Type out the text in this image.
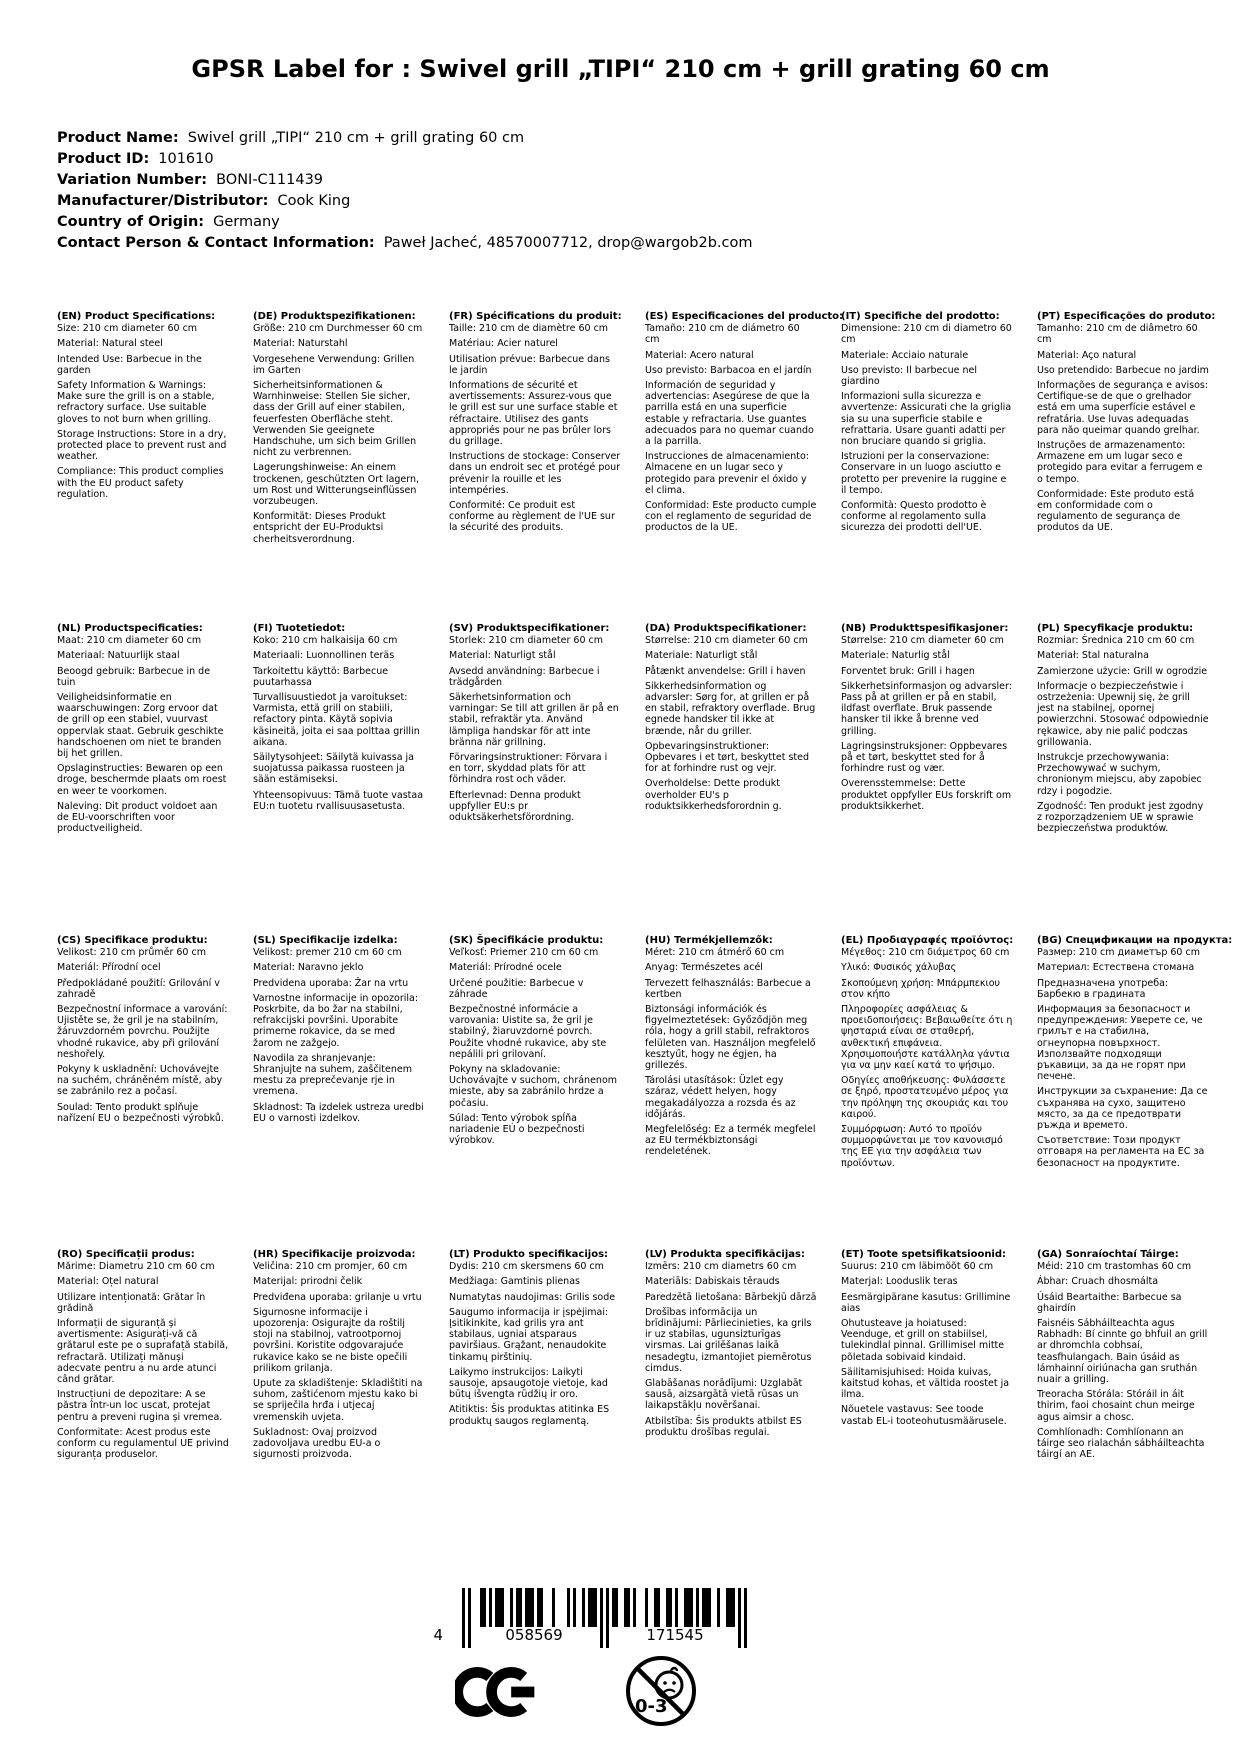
GPSR Label for : Swivel grill „TIPI“ 210 cm + grill grating 60 cm
Product Name: Swivel grill „TIPI“ 210 cm + grill grating 60 cm
Product ID: 101610
Variation Number: BONI-C111439
Manufacturer/Distributor: Cook King
Country of Origin: Germany
Contact Person & Contact Information: Paweł Jacheć, 48570007712, drop@wargob2b.com
(EN) Product Specifications:

Size: 210 cm diameter 60 cm

Material: Natural steel

Intended Use: Barbecue in the garden

Safety Information & Warnings: Make sure the grill is on a stable, refractory surface. Use suitable gloves to not burn when grilling.

Storage Instructions: Store in a dry, protected place to prevent rust and weather.

Compliance: This product complies with the EU product safety regulation.

(DE) Produktspezifikationen:

Größe: 210 cm Durchmesser 60 cm

Material: Naturstahl

Vorgesehene Verwendung: Grillen im Garten

Sicherheitsinformationen & Warnhinweise: Stellen Sie sicher, dass der Grill auf einer stabilen, feuerfesten Oberfläche steht. Verwenden Sie geeignete Handschuhe, um sich beim Grillen nicht zu verbrennen.

Lagerungshinweise: An einem trockenen, geschützten Ort lagern, um Rost und Witterungseinflüssen vorzubeugen.

Konformität: Dieses Produkt entspricht der EU-Produktsi cherheitsverordnung.

(FR) Spécifications du produit:

Taille: 210 cm de diamètre 60 cm

Matériau: Acier naturel

Utilisation prévue: Barbecue dans le jardin

Informations de sécurité et avertissements: Assurez-vous que le grill est sur une surface stable et réfractaire. Utilisez des gants appropriés pour ne pas brûler lors du grillage.

Instructions de stockage: Conserver dans un endroit sec et protégé pour prévenir la rouille et les intempéries.

Conformité: Ce produit est conforme au règlement de l'UE sur la sécurité des produits.

(ES) Especificaciones del producto:

Tamaño: 210 cm de diámetro 60 cm

Material: Acero natural

Uso previsto: Barbacoa en el jardín

Información de seguridad y advertencias: Asegúrese de que la parrilla está en una superficie estable y refractaria. Use guantes adecuados para no quemar cuando a la parrilla.

Instrucciones de almacenamiento: Almacene en un lugar seco y protegido para prevenir el óxido y el clima.

Conformidad: Este producto cumple con el reglamento de seguridad de productos de la UE.

(IT) Specifiche del prodotto:

Dimensione: 210 cm di diametro 60 cm

Materiale: Acciaio naturale

Uso previsto: Il barbecue nel giardino

Informazioni sulla sicurezza e avvertenze: Assicurati che la griglia sia su una superficie stabile e refrattaria. Usare guanti adatti per non bruciare quando si griglia.

Istruzioni per la conservazione: Conservare in un luogo asciutto e protetto per prevenire la ruggine e il tempo.

Conformità: Questo prodotto è conforme al regolamento sulla sicurezza dei prodotti dell'UE.

(PT) Especificações do produto:

Tamanho: 210 cm de diâmetro 60 cm

Material: Aço natural

Uso pretendido: Barbecue no jardim

Informações de segurança e avisos: Certifique-se de que o grelhador está em uma superfície estável e refratária. Use luvas adequadas para não queimar quando grelhar.

Instruções de armazenamento: Armazene em um lugar seco e protegido para evitar a ferrugem e o tempo.

Conformidade: Este produto está em conformidade com o regulamento de segurança de produtos da UE.

(NL) Productspecificaties:

Maat: 210 cm diameter 60 cm

Materiaal: Natuurlijk staal

Beoogd gebruik: Barbecue in de tuin

Veiligheidsinformatie en waarschuwingen: Zorg ervoor dat de grill op een stabiel, vuurvast oppervlak staat. Gebruik geschikte handschoenen om niet te branden bij het grillen.

Opslaginstructies: Bewaren op een droge, beschermde plaats om roest en weer te voorkomen.

Naleving: Dit product voldoet aan de EU-voorschriften voor productveiligheid.

(FI) Tuotetiedot:

Koko: 210 cm halkaisija 60 cm

Materiaali: Luonnollinen teräs

Tarkoitettu käyttö: Barbecue puutarhassa

Turvallisuustiedot ja varoitukset: Varmista, että grill on stabiili, refactory pinta. Käytä sopivia käsineitä, joita ei saa polttaa grillin aikana.

Säilytysohjeet: Säilytä kuivassa ja suojatussa paikassa ruosteen ja sään estämiseksi.

Yhteensopivuus: Tämä tuote vastaa EU:n tuotetu rvallisuusasetusta.

(SV) Produktspecifikationer:

Storlek: 210 cm diameter 60 cm

Material: Naturligt stål

Avsedd användning: Barbecue i trädgården

Säkerhetsinformation och varningar: Se till att grillen är på en stabil, refraktär yta. Använd lämpliga handskar för att inte bränna när grillning.

Förvaringsinstruktioner: Förvara i en torr, skyddad plats för att förhindra rost och väder.

Efterlevnad: Denna produkt uppfyller EU:s pr oduktsäkerhetsförordning.

(DA) Produktspecifikationer:

Størrelse: 210 cm diameter 60 cm

Materiale: Naturligt stål

Påtænkt anvendelse: Grill i haven

Sikkerhedsinformation og advarsler: Sørg for, at grillen er på en stabil, refraktory overflade. Brug egnede handsker til ikke at brænde, når du griller.

Opbevaringsinstruktioner: Opbevares i et tørt, beskyttet sted for at forhindre rust og vejr.

Overholdelse: Dette produkt overholder EU's p roduktsikkerhedsforordnin g.

(NB) Produkttspesifikasjoner:

Størrelse: 210 cm diameter 60 cm

Materiale: Naturlig stål

Forventet bruk: Grill i hagen

Sikkerhetsinformasjon og advarsler: Pass på at grillen er på en stabil, ildfast overflate. Bruk passende hansker til ikke å brenne ved grilling.

Lagringsinstruksjoner: Oppbevares på et tørt, beskyttet sted for å forhindre rust og vær.

Overensstemmelse: Dette produktet oppfyller EUs forskrift om produktsikkerhet.

(PL) Specyfikacje produktu:

Rozmiar: Średnica 210 cm 60 cm

Materiał: Stal naturalna

Zamierzone użycie: Grill w ogrodzie

Informacje o bezpieczeństwie i ostrzeżenia: Upewnij się, że grill jest na stabilnej, opornej powierzchni. Stosować odpowiednie rękawice, aby nie palić podczas grillowania.

Instrukcje przechowywania: Przechowywać w suchym, chronionym miejscu, aby zapobiec rdzy i pogodzie.

Zgodność: Ten produkt jest zgodny z rozporządzeniem UE w sprawie bezpieczeństwa produktów.

(CS) Specifikace produktu:

Velikost: 210 cm průměr 60 cm

Materiál: Přírodní ocel

Předpokládané použití: Grilování v zahradě

Bezpečnostní informace a varování: Ujistěte se, že gril je na stabilním, žáruvzdorném povrchu. Použijte vhodné rukavice, aby při grilování neshořely.

Pokyny k uskladnění: Uchovávejte na suchém, chráněném místě, aby se zabránilo rez a počasí.

Soulad: Tento produkt splňuje nařízení EU o bezpečnosti výrobků.

(SL) Specifikacije izdelka:

Velikost: premer 210 cm 60 cm

Material: Naravno jeklo

Predvidena uporaba: Žar na vrtu

Varnostne informacije in opozorila: Poskrbite, da bo žar na stabilni, refrakcijski površini. Uporabite primerne rokavice, da se med žarom ne zažgejo.

Navodila za shranjevanje: Shranjujte na suhem, zaščitenem mestu za preprečevanje rje in vremena.

Skladnost: Ta izdelek ustreza uredbi EU o varnosti izdelkov.

(SK) Špecifikácie produktu:

Veľkosť: Priemer 210 cm 60 cm

Materiál: Prírodné ocele

Určené použitie: Barbecue v záhrade

Bezpečnostné informácie a varovania: Uistite sa, že gril je stabilný, žiaruvzdorné povrch. Použite vhodné rukavice, aby ste nepálili pri grilovaní.

Pokyny na skladovanie: Uchovávajte v suchom, chránenom mieste, aby sa zabránilo hrdze a počasiu.

Súlad: Tento výrobok spĺňa nariadenie EÚ o bezpečnosti výrobkov.

(HU) Termékjellemzők:

Méret: 210 cm átmérő 60 cm

Anyag: Természetes acél

Tervezett felhasználás: Barbecue a kertben

Biztonsági információk és figyelmeztetések: Győződjön meg róla, hogy a grill stabil, refraktoros felületen van. Használjon megfelelő kesztyűt, hogy ne égjen, ha grillezés.

Tárolási utasítások: Üzlet egy száraz, védett helyen, hogy megakadályozza a rozsda és az időjárás.

Megfelelőség: Ez a termék megfelel az EU termékbiztonsági rendeletének.

(EL) Προδιαγραφές προϊόντος:

Μέγεθος: 210 cm διάμετρος 60 cm

Υλικό: Φυσικός χάλυβας

Σκοπούμενη χρήση: Μπάρμπεκιου στον κήπο

Πληροφορίες ασφάλειας & προειδοποιήσεις: Βεβαιωθείτε ότι η ψησταριά είναι σε σταθερή, ανθεκτική επιφάνεια. Χρησιμοποιήστε κατάλληλα γάντια για να μην καεί κατά το ψήσιμο.

Οδηγίες αποθήκευσης: Φυλάσσετε σε ξηρό, προστατευμένο μέρος για την πρόληψη της σκουριάς και του καιρού.

Συμμόρφωση: Αυτό το προϊόν συμμορφώνεται με τον κανονισμό της ΕΕ για την ασφάλεια των προϊόντων.

(BG) Спецификации на продукта:

Размер: 210 cm диаметър 60 cm

Материал: Естествена стомана

Предназначена употреба: Барбекю в градината

Информация за безопасност и предупреждения: Уверете се, че грилът е на стабилна, огнеупорна повърхност. Използвайте подходящи ръкавици, за да не горят при печене.

Инструкции за съхранение: Да се съхранява на сухо, защитено място, за да се предотврати ръжда и времето.

Съответствие: Този продукт отговаря на регламента на ЕС за безопасност на продуктите.

(RO) Specificații produs:

Mărime: Diametru 210 cm 60 cm

Material: Oțel natural

Utilizare intenționată: Grătar în grădină

Informații de siguranță și avertismente: Asigurați-vă că grătarul este pe o suprafață stabilă, refractară. Utilizați mănuși adecvate pentru a nu arde atunci când grătar.

Instrucțiuni de depozitare: A se păstra într-un loc uscat, protejat pentru a preveni rugina și vremea.

Conformitate: Acest produs este conform cu regulamentul UE privind siguranța produselor.

(HR) Specifikacije proizvoda:

Veličina: 210 cm promjer, 60 cm

Materijal: prirodni čelik

Predviđena uporaba: grilanje u vrtu

Sigurnosne informacije i upozorenja: Osigurajte da roštilj stoji na stabilnoj, vatrootpornoj površini. Koristite odgovarajuće rukavice kako se ne biste opečili prilikom grilanja.

Upute za skladištenje: Skladištiti na suhom, zaštićenom mjestu kako bi se spriječila hrđa i utjecaj vremenskih uvjeta.

Sukladnost: Ovaj proizvod zadovoljava uredbu EU-a o sigurnosti proizvoda.

(LT) Produkto specifikacijos:

Dydis: 210 cm skersmens 60 cm

Medžiaga: Gamtinis plienas

Numatytas naudojimas: Grilis sode

Saugumo informacija ir įspėjimai: Įsitikinkite, kad grilis yra ant stabilaus, ugniai atsparaus paviršiaus. Grąžant, nenaudokite tinkamų pirštinių.

Laikymo instrukcijos: Laikyti sausoje, apsaugotoje vietoje, kad būtų išvengta rūdžių ir oro.

Atitiktis: Šis produktas atitinka ES produktų saugos reglamentą.

(LV) Produkta specifikācijas:

Izmērs: 210 cm diametrs 60 cm

Materiāls: Dabiskais tērauds

Paredzētā lietošana: Bārbekjū dārzā

Drošības informācija un brīdinājumi: Pārliecinieties, ka grils ir uz stabilas, ugunsizturīgas virsmas. Lai grilēšanas laikā nesadegtu, izmantojiet piemērotus cimdus.

Glabāšanas norādījumi: Uzglabāt sausā, aizsargātā vietā rūsas un laikapstākļu novēršanai.

Atbilstība: Šis produkts atbilst ES produktu drošības regulai.

(ET) Toote spetsifikatsioonid:

Suurus: 210 cm läbimõõt 60 cm

Materjal: Looduslik teras

Eesmärgipärane kasutus: Grillimine aias

Ohutusteave ja hoiatused: Veenduge, et grill on stabiilsel, tulekindlal pinnal. Grillimisel mitte põletada sobivaid kindaid.

Säilitamisjuhised: Hoida kuivas, kaitstud kohas, et vältida roostet ja ilma.

Nõuetele vastavus: See toode vastab EL-i tooteohutusmäärusele.

(GA) Sonraíochtaí Táirge:

Méid: 210 cm trastomhas 60 cm

Ábhar: Cruach dhosmálta

Úsáid Beartaithe: Barbecue sa ghairdín

Faisnéis Sábháilteachta agus Rabhadh: Bí cinnte go bhfuil an grill ar dhromchla cobhsaí, teasfhulangach. Bain úsáid as lámhainní oiriúnacha gan sruthán nuair a grilling.

Treoracha Stórála: Stóráil in áit thirim, faoi chosaint chun meirge agus aimsir a chosc.

Comhlíonadh: Comhlíonann an táirge seo rialachán sábháilteachta táirgí an AE.

4	058569	171545
0-3
